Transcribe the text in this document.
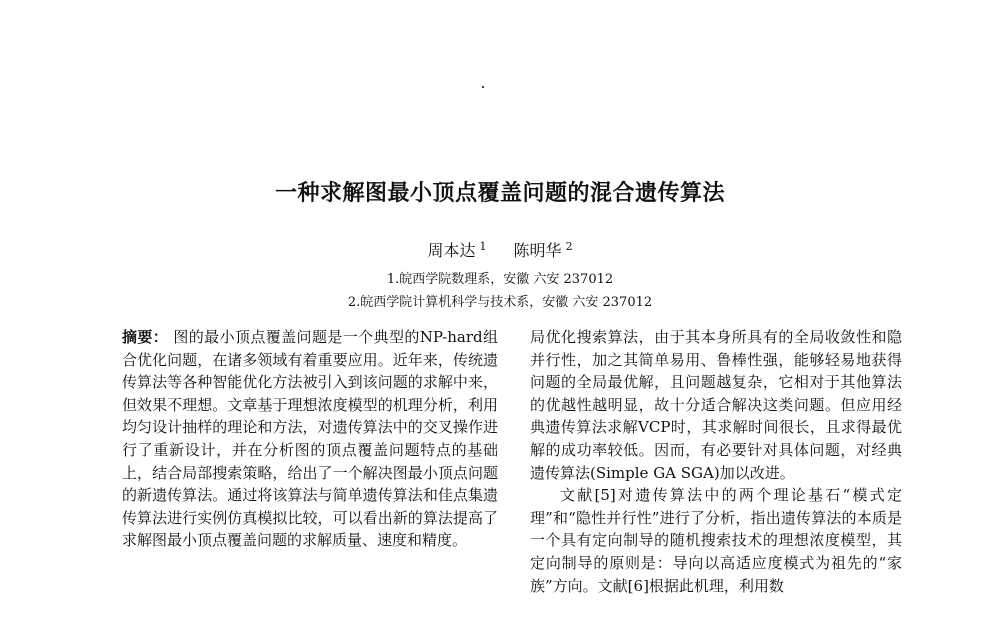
一种求解图最小顶点覆盖问题的混合遗传算法
周本达 $^1$ 陈明华 $^2$
1.皖西学院数理系，安徽 六安 237012
2.皖西学院计算机科学与技术系，安徽 六安 237012

摘要： 图的最小顶点覆盖问题是一个典型的NP-hard组合优化问题，在诸多领域有着重要应用。近年来，传统遗传算法等各种智能优化方法被引入到该问题的求解中来，但效果不理想。文章基于理想浓度模型的机理分析，利用均匀设计抽样的理论和方法，对遗传算法中的交叉操作进行了重新设计，并在分析图的顶点覆盖问题特点的基础上，结合局部搜索策略，给出了一个解决图最小顶点问题的新遗传算法。通过将该算法与简单遗传算法和佳点集遗传算法进行实例仿真模拟比较，可以看出新的算法提高了求解图最小顶点覆盖问题的求解质量、速度和精度。

局优化搜索算法，由于其本身所具有的全局收敛性和隐并行性，加之其简单易用、鲁棒性强，能够轻易地获得问题的全局最优解，且问题越复杂，它相对于其他算法的优越性越明显，故十分适合解决这类问题。但应用经典遗传算法求解VCP时，其求解时间很长，且求得最优解的成功率较低。因而，有必要针对具体问题，对经典遗传算法(Simple GA SGA)加以改进。

文献[5]对遗传算法中的两个理论基石“模式定理”和“隐性并行性”进行了分析，指出遗传算法的本质是一个具有定向制导的随机搜索技术的理想浓度模型，其定向制导的原则是：导向以高适应度模式为祖先的“家族”方向。文献[6]根据此机理，利用数
